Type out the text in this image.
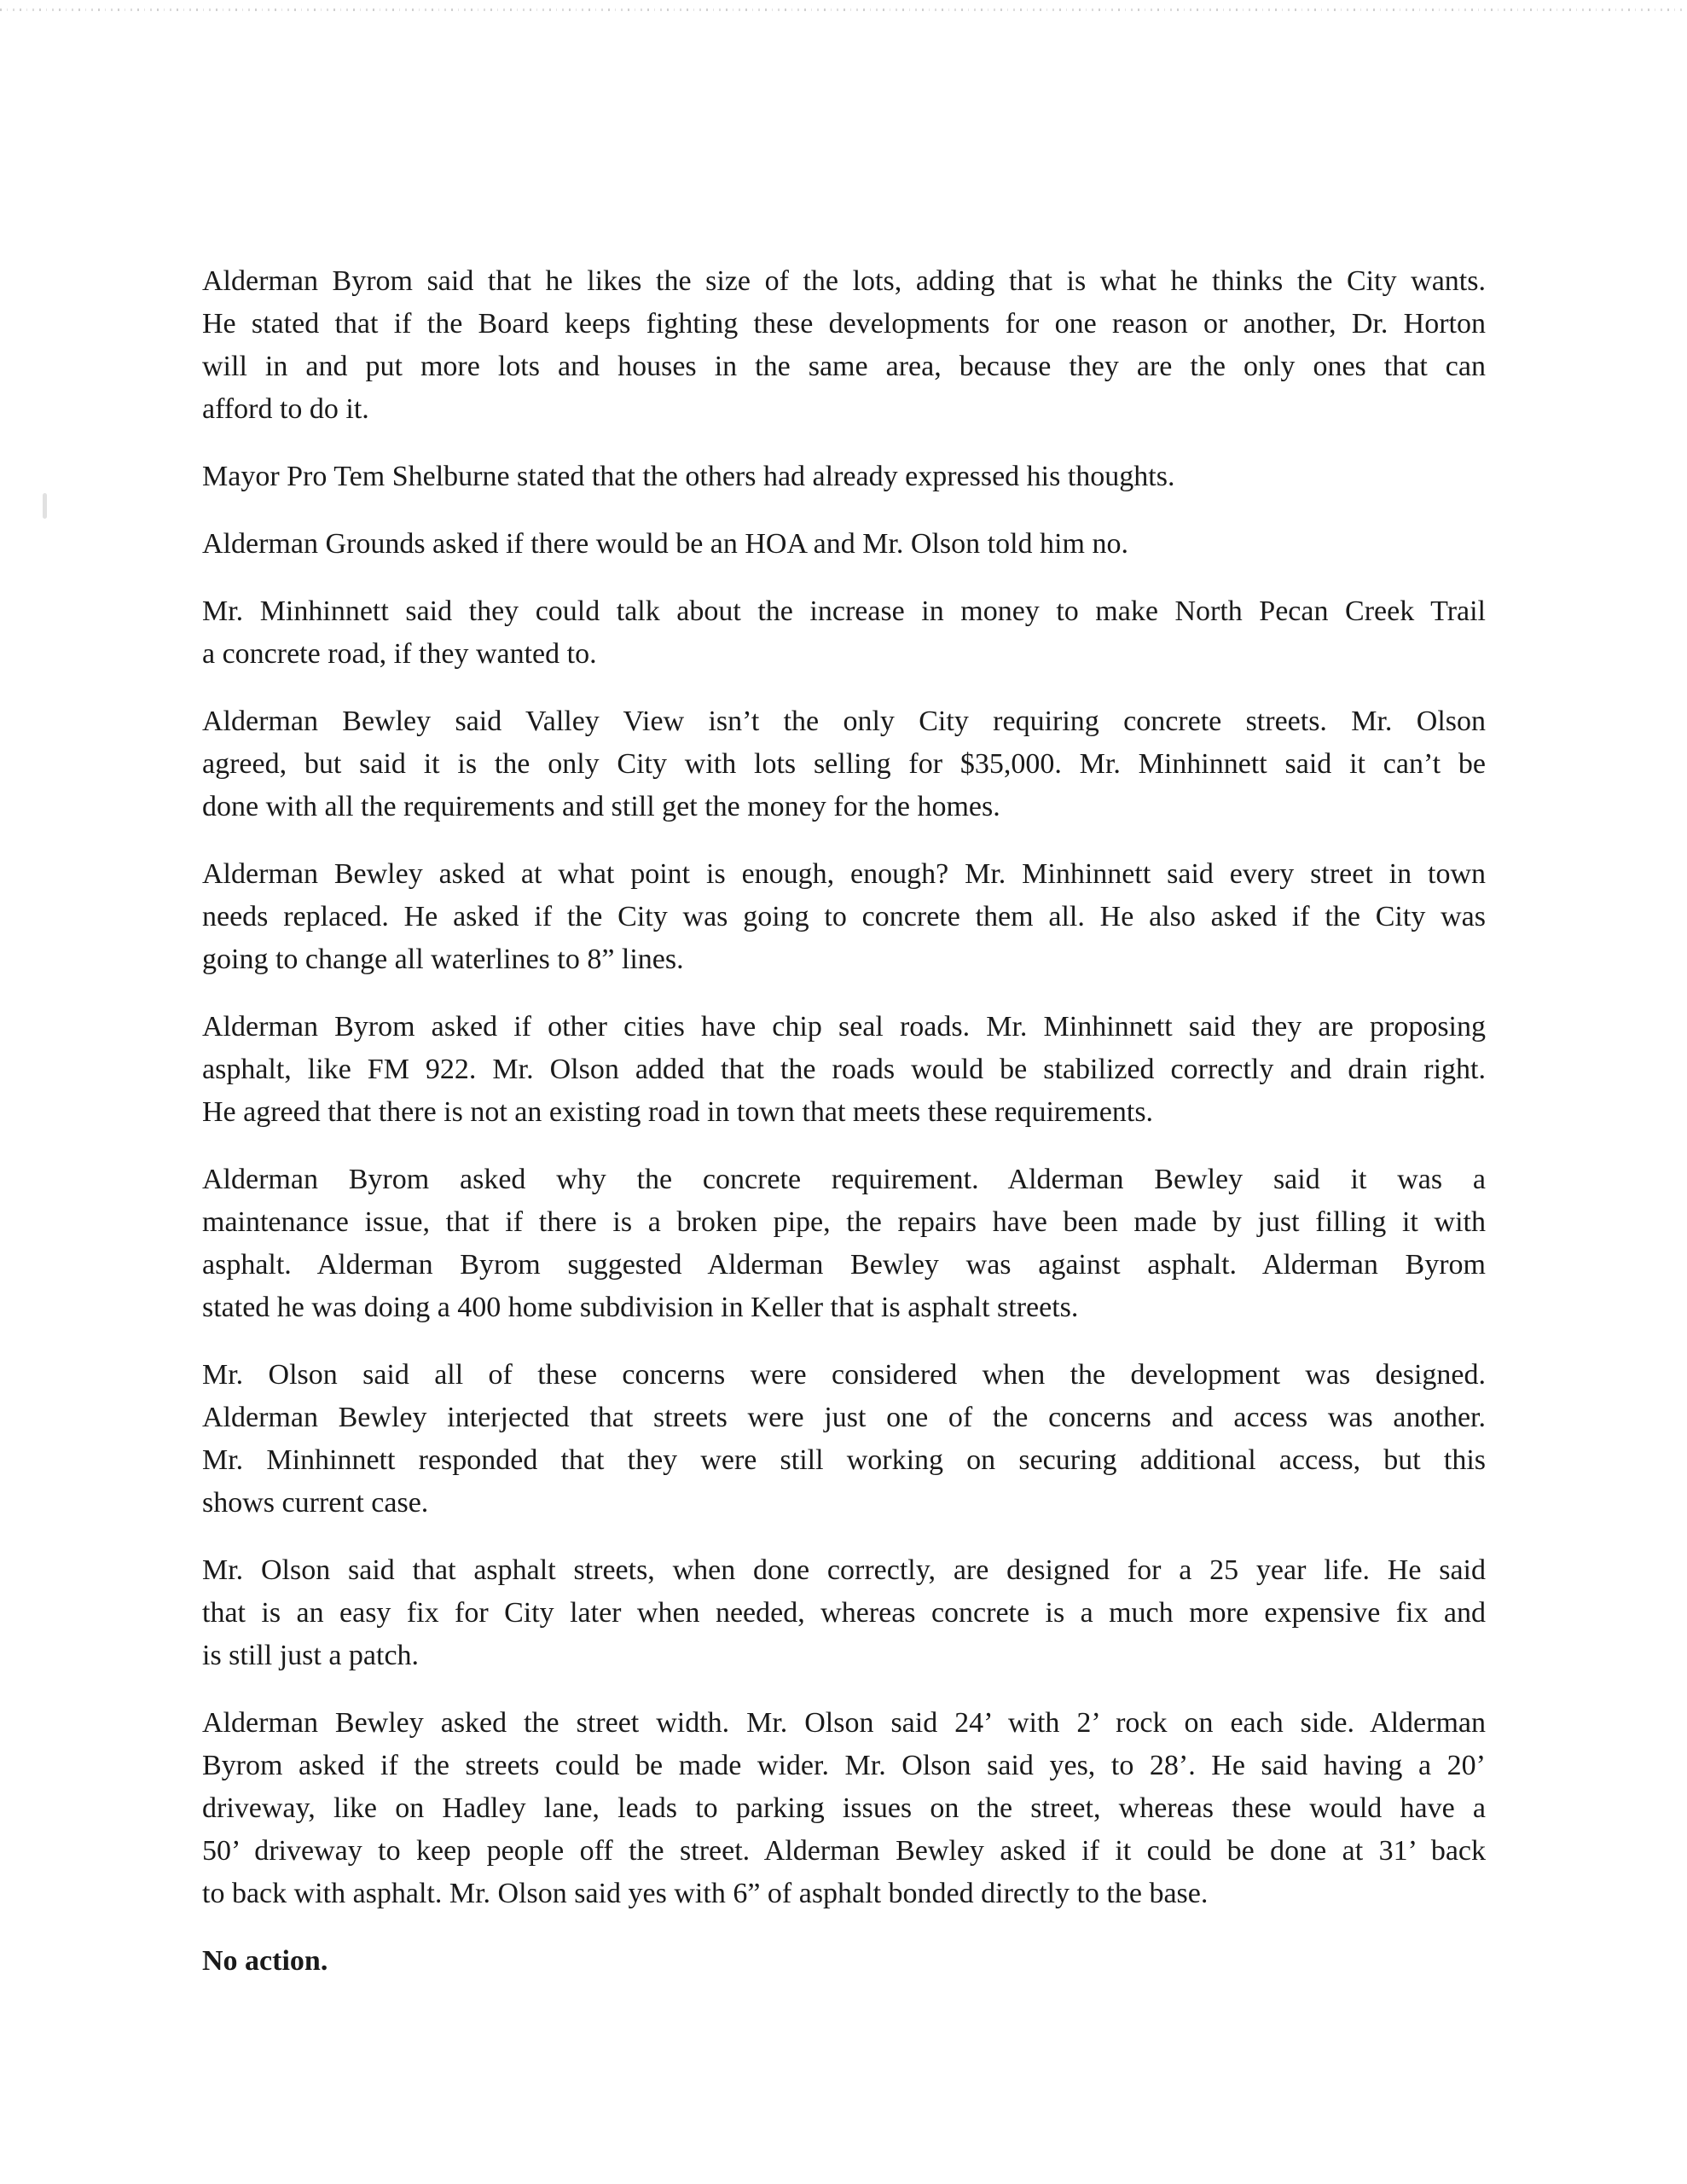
Alderman Byrom said that he likes the size of the lots, adding that is what he thinks the City wants.
He stated that if the Board keeps fighting these developments for one reason or another, Dr. Horton
will in and put more lots and houses in the same area, because they are the only ones that can
afford to do it.
Mayor Pro Tem Shelburne stated that the others had already expressed his thoughts.
Alderman Grounds asked if there would be an HOA and Mr. Olson told him no.
Mr. Minhinnett said they could talk about the increase in money to make North Pecan Creek Trail
a concrete road, if they wanted to.
Alderman Bewley said Valley View isn’t the only City requiring concrete streets. Mr. Olson
agreed, but said it is the only City with lots selling for $35,000. Mr. Minhinnett said it can’t be
done with all the requirements and still get the money for the homes.
Alderman Bewley asked at what point is enough, enough? Mr. Minhinnett said every street in town
needs replaced. He asked if the City was going to concrete them all. He also asked if the City was
going to change all waterlines to 8” lines.
Alderman Byrom asked if other cities have chip seal roads. Mr. Minhinnett said they are proposing
asphalt, like FM 922. Mr. Olson added that the roads would be stabilized correctly and drain right.
He agreed that there is not an existing road in town that meets these requirements.
Alderman Byrom asked why the concrete requirement. Alderman Bewley said it was a
maintenance issue, that if there is a broken pipe, the repairs have been made by just filling it with
asphalt. Alderman Byrom suggested Alderman Bewley was against asphalt. Alderman Byrom
stated he was doing a 400 home subdivision in Keller that is asphalt streets.
Mr. Olson said all of these concerns were considered when the development was designed.
Alderman Bewley interjected that streets were just one of the concerns and access was another.
Mr. Minhinnett responded that they were still working on securing additional access, but this
shows current case.
Mr. Olson said that asphalt streets, when done correctly, are designed for a 25 year life. He said
that is an easy fix for City later when needed, whereas concrete is a much more expensive fix and
is still just a patch.
Alderman Bewley asked the street width. Mr. Olson said 24’ with 2’ rock on each side. Alderman
Byrom asked if the streets could be made wider. Mr. Olson said yes, to 28’. He said having a 20’
driveway, like on Hadley lane, leads to parking issues on the street, whereas these would have a
50’ driveway to keep people off the street. Alderman Bewley asked if it could be done at 31’ back
to back with asphalt. Mr. Olson said yes with 6” of asphalt bonded directly to the base.
No action.
